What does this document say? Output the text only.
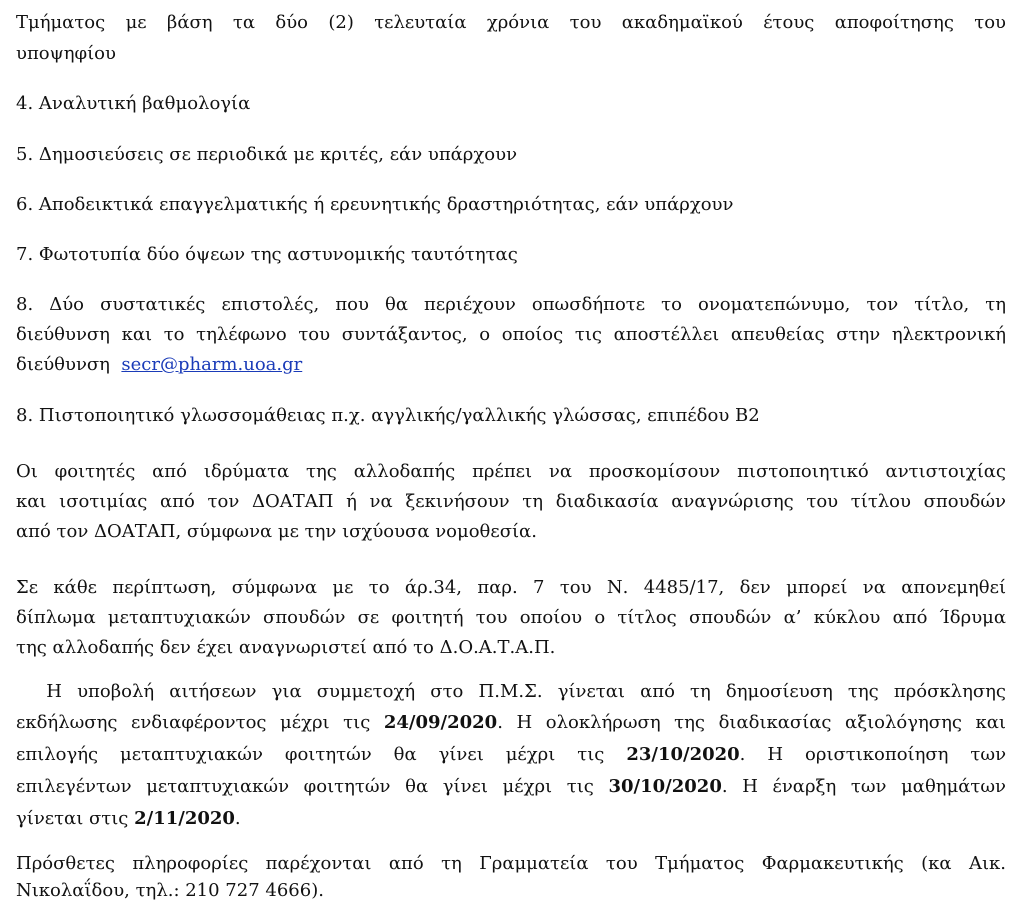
Τμήματος με βάση τα δύο (2) τελευταία χρόνια του ακαδημαϊκού έτους αποφοίτησης του
υποψηφίου
4. Αναλυτική βαθμολογία
5. Δημοσιεύσεις σε περιοδικά με κριτές, εάν υπάρχουν
6. Αποδεικτικά επαγγελματικής ή ερευνητικής δραστηριότητας, εάν υπάρχουν
7. Φωτοτυπία δύο όψεων της αστυνομικής ταυτότητας
8. Δύο συστατικές επιστολές, που θα περιέχουν οπωσδήποτε το ονοματεπώνυμο, τον τίτλο, τη
διεύθυνση και το τηλέφωνο του συντάξαντος, ο οποίος τις αποστέλλει απευθείας στην ηλεκτρονική
διεύθυνση  secr@pharm.uoa.gr
8. Πιστοποιητικό γλωσσομάθειας π.χ. αγγλικής/γαλλικής γλώσσας, επιπέδου Β2
Οι φοιτητές από ιδρύματα της αλλοδαπής πρέπει να προσκομίσουν πιστοποιητικό αντιστοιχίας
και ισοτιμίας από τον ΔΟΑΤΑΠ ή να ξεκινήσουν τη διαδικασία αναγνώρισης του τίτλου σπουδών
από τον ΔΟΑΤΑΠ, σύμφωνα με την ισχύουσα νομοθεσία.
Σε κάθε περίπτωση, σύμφωνα με το άρ.34, παρ. 7 του Ν. 4485/17, δεν μπορεί να απονεμηθεί
δίπλωμα μεταπτυχιακών σπουδών σε φοιτητή του οποίου ο τίτλος σπουδών α’ κύκλου από Ίδρυμα
της αλλοδαπής δεν έχει αναγνωριστεί από το Δ.Ο.Α.Τ.Α.Π.
Η υποβολή αιτήσεων για συμμετοχή στο Π.Μ.Σ. γίνεται από τη δημοσίευση της πρόσκλησης
εκδήλωσης ενδιαφέροντος μέχρι τις 24/09/2020. Η ολοκλήρωση της διαδικασίας αξιολόγησης και
επιλογής μεταπτυχιακών φοιτητών θα γίνει μέχρι τις 23/10/2020. Η οριστικοποίηση των
επιλεγέντων μεταπτυχιακών φοιτητών θα γίνει μέχρι τις 30/10/2020. Η έναρξη των μαθημάτων
γίνεται στις 2/11/2020.
Πρόσθετες πληροφορίες παρέχονται από τη Γραμματεία του Τμήματος Φαρμακευτικής (κα Αικ.
Νικολαΐδου, τηλ.: 210 727 4666).
